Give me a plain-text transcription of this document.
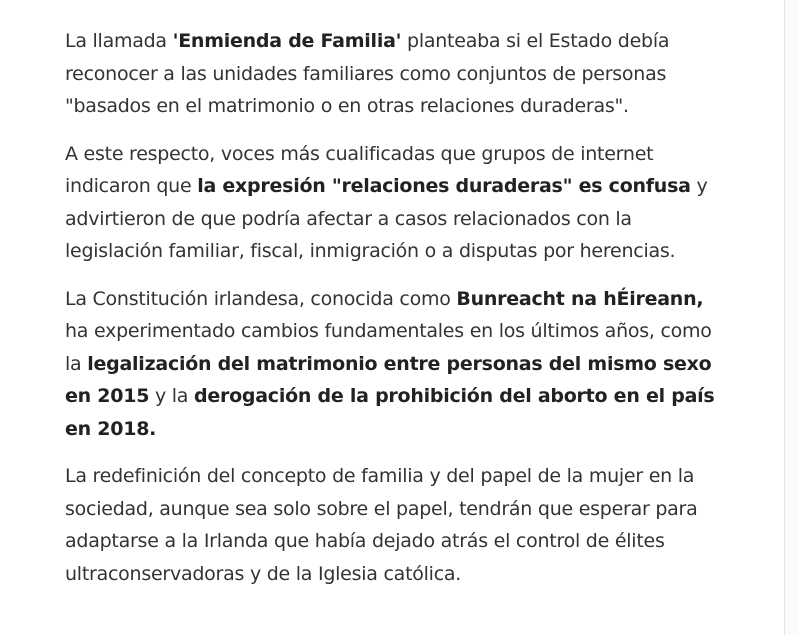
La llamada 'Enmienda de Familia' planteaba si el Estado debía reconocer a las unidades familiares como conjuntos de personas "basados en el matrimonio o en otras relaciones duraderas".

A este respecto, voces más cualificadas que grupos de internet indicaron que la expresión "relaciones duraderas" es confusa y advirtieron de que podría afectar a casos relacionados con la legislación familiar, fiscal, inmigración o a disputas por herencias.

La Constitución irlandesa, conocida como Bunreacht na hÉireann, ha experimentado cambios fundamentales en los últimos años, como la legalización del matrimonio entre personas del mismo sexo en 2015 y la derogación de la prohibición del aborto en el país en 2018.

La redefinición del concepto de familia y del papel de la mujer en la sociedad, aunque sea solo sobre el papel, tendrán que esperar para adaptarse a la Irlanda que había dejado atrás el control de élites ultraconservadoras y de la Iglesia católica.
